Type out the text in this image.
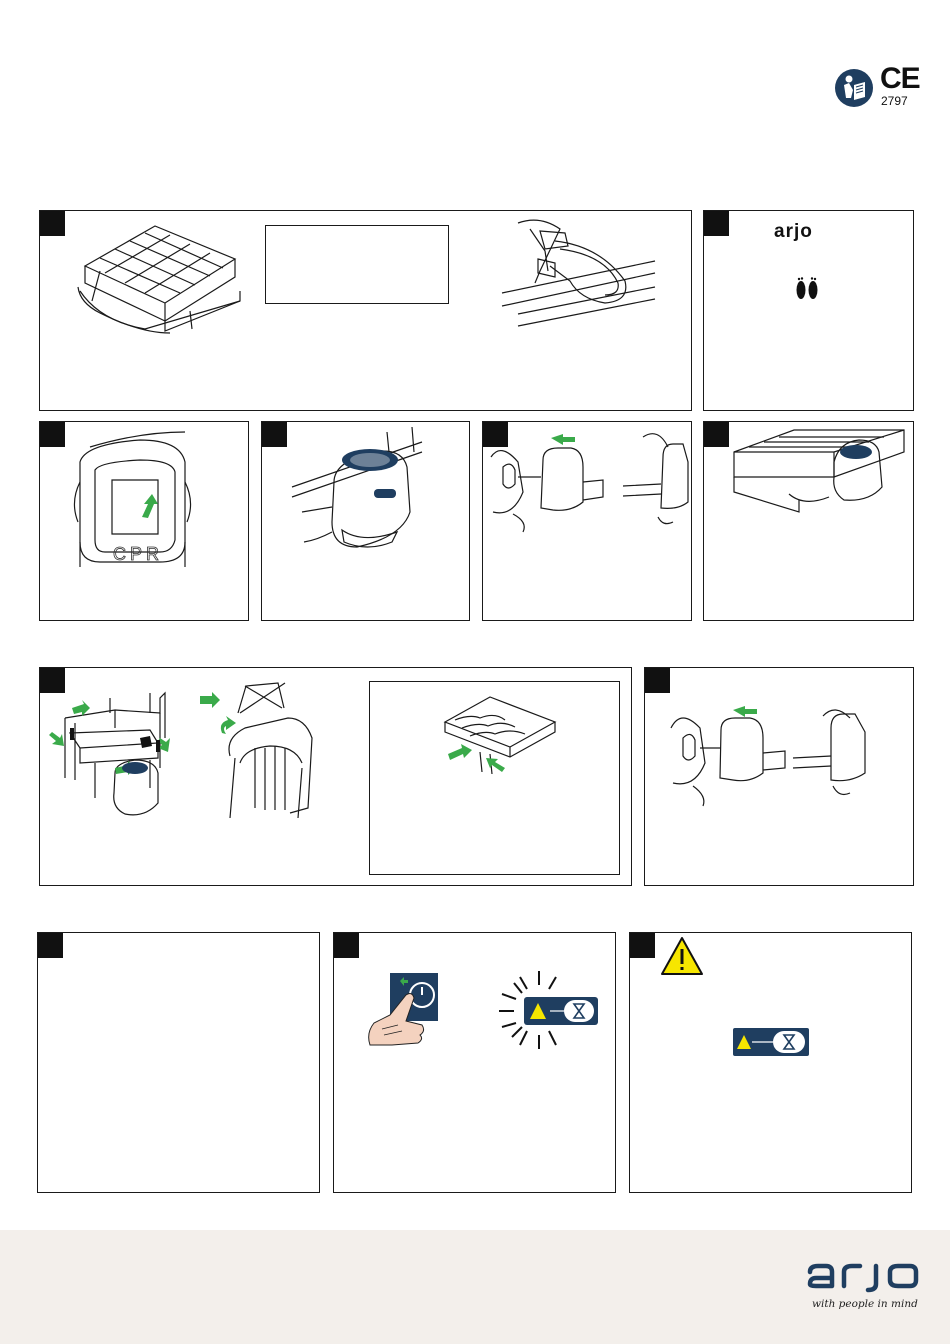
CE
2797
arjo
CPR
with people in mind
